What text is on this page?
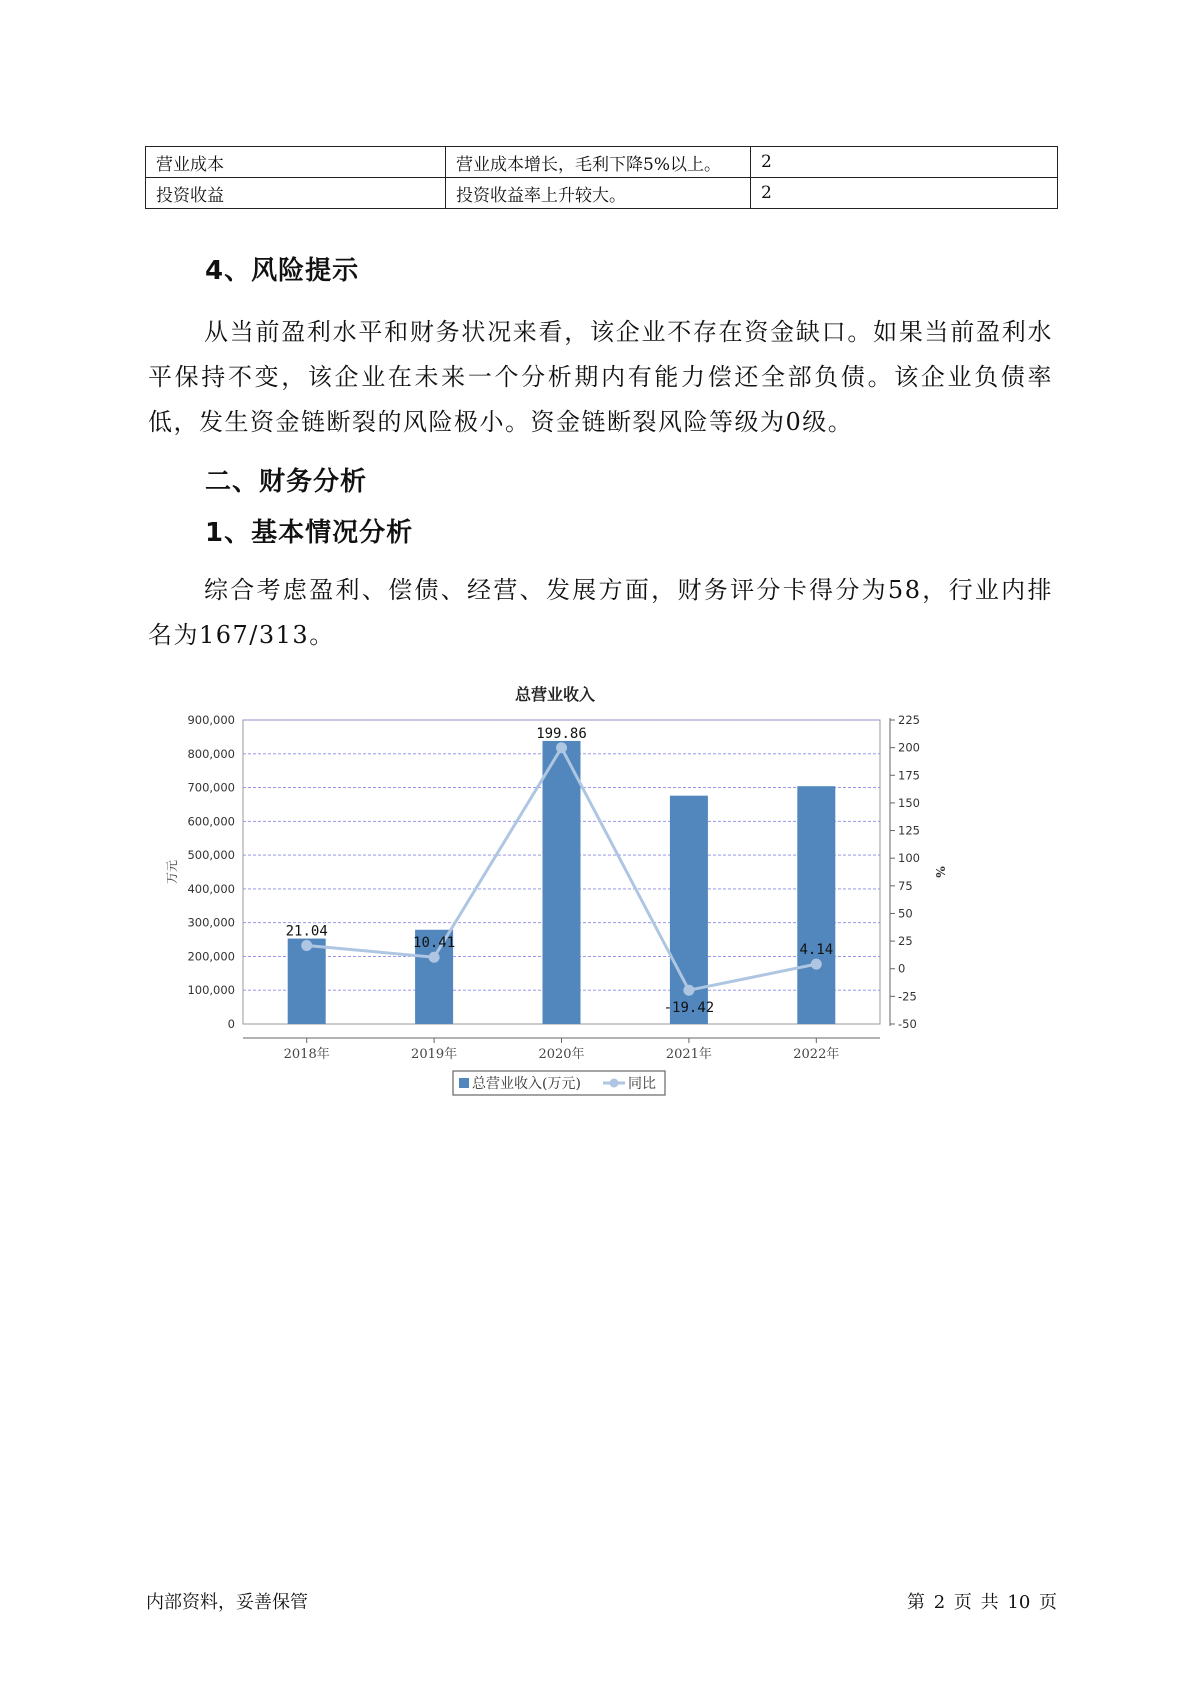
营业成本	营业成本增长，毛利下降5%以上。	2
投资收益	投资收益率上升较大。	2
4、风险提示
从当前盈利水平和财务状况来看，该企业不存在资金缺口。如果当前盈利水平保持不变，该企业在未来一个分析期内有能力偿还全部负债。该企业负债率低，发生资金链断裂的风险极小。资金链断裂风险等级为0级。
二、财务分析
1、基本情况分析
综合考虑盈利、偿债、经营、发展方面，财务评分卡得分为58，行业内排名为167/313。
总营业收入
0
100,000
200,000
300,000
400,000
500,000
600,000
700,000
800,000
900,000
-50
-25
0
25
50
75
100
125
150
175
200
225
万元	%
2018年	2019年	2020年	2021年	2022年
21.04
10.41
199.86
-19.42
4.14
总营业收入(万元)	同比
内部资料，妥善保管	第 2 页 共 10 页
